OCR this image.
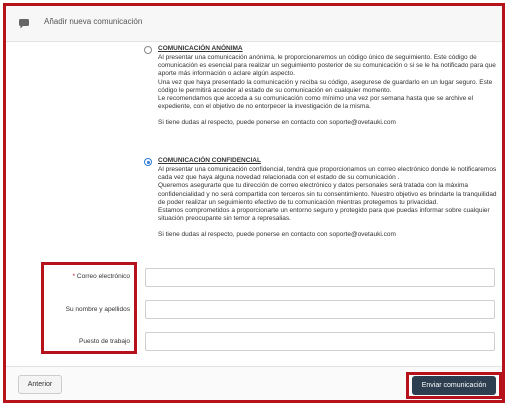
Añadir nueva comunicación
COMUNICACIÓN ANÓNIMA

Al presentar una comunicación anónima, le proporcionaremos un código único de seguimiento. Este código de comunicación es esencial para realizar un seguimiento posterior de su comunicación o si se le ha notificado para que aporte más información o aclare algún aspecto.

Una vez que haya presentado la comunicación y reciba su código, asegurese de guardarlo en un lugar seguro. Este código le permitirá acceder al estado de su comunicación en cualquier momento.

Le recomendamos que acceda a su comunicación como mínimo una vez por semana hasta que se archive el expediente, con el objetivo de no entorpecer la investigación de la misma.

Si tiene dudas al respecto, puede ponerse en contacto con soporte@ovetauki.com

COMUNICACIÓN CONFIDENCIAL

Al presentar una comunicación confidencial, tendrá que proporcionamos un correo electrónico donde le notificaremos cada vez que haya alguna novedad relacionada con el estado de su comunicación .

Queremos asegurarte que tu dirección de correo electrónico y datos personales será tratada con la máxima confidencialidad y no será compartida con terceros sin tu consentimiento. Nuestro objetivo es brindarte la tranquilidad de poder realizar un seguimiento efectivo de tu comunicación mientras protegemos tu privacidad.

Estamos comprometidos a proporcionarte un entorno seguro y protegido para que puedas informar sobre cualquier situación preocupante sin temor a represalias.

Si tiene dudas al respecto, puede ponerse en contacto con soporte@ovetauki.com

* Correo electrónico
Su nombre y apellidos
Puesto de trabajo
Anterior	Enviar comunicación
